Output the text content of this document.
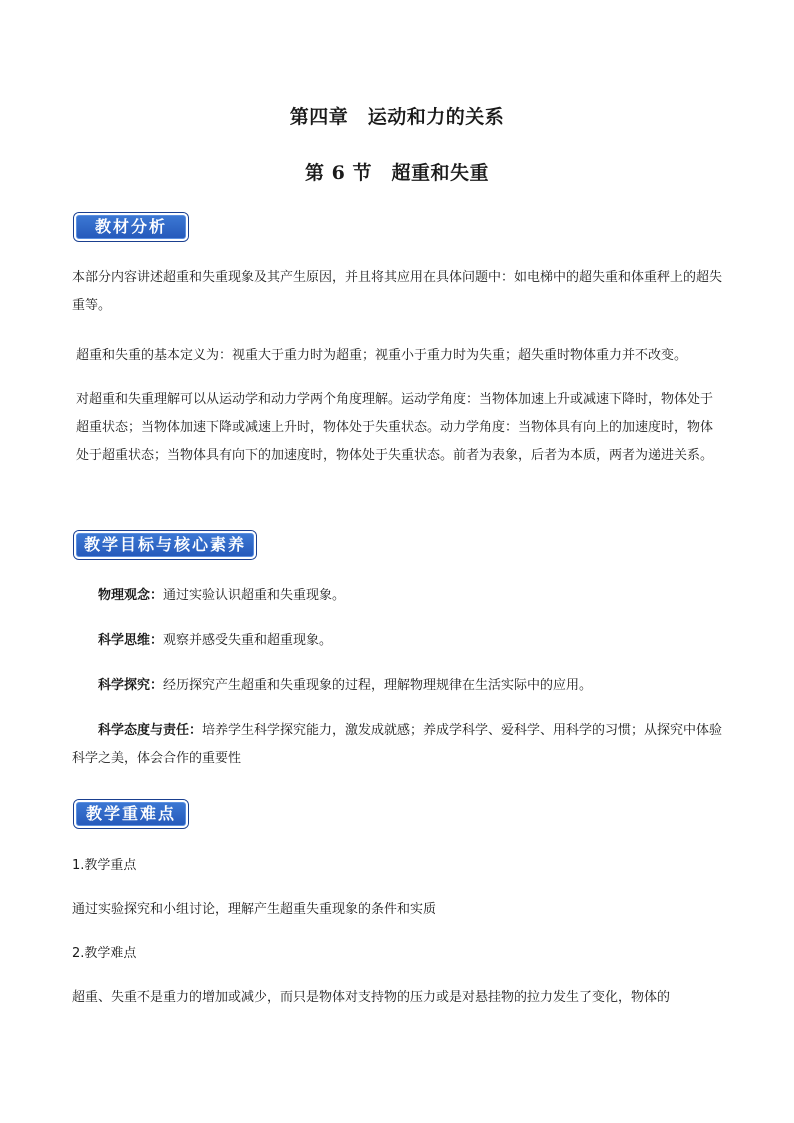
第四章　运动和力的关系
第 6 节　超重和失重
教材分析

本部分内容讲述超重和失重现象及其产生原因，并且将其应用在具体问题中：如电梯中的超失重和体重秤上的超失重等。

超重和失重的基本定义为：视重大于重力时为超重；视重小于重力时为失重；超失重时物体重力并不改变。

对超重和失重理解可以从运动学和动力学两个角度理解。运动学角度：当物体加速上升或减速下降时，物体处于超重状态；当物体加速下降或减速上升时，物体处于失重状态。动力学角度：当物体具有向上的加速度时，物体处于超重状态；当物体具有向下的加速度时，物体处于失重状态。前者为表象，后者为本质，两者为递进关系。

教学目标与核心素养

物理观念：通过实验认识超重和失重现象。

科学思维：观察并感受失重和超重现象。

科学探究：经历探究产生超重和失重现象的过程，理解物理规律在生活实际中的应用。

科学态度与责任：培养学生科学探究能力，激发成就感；养成学科学、爱科学、用科学的习惯；从探究中体验科学之美，体会合作的重要性

教学重难点

1.教学重点

通过实验探究和小组讨论，理解产生超重失重现象的条件和实质

2.教学难点

超重、失重不是重力的增加或减少，而只是物体对支持物的压力或是对悬挂物的拉力发生了变化，物体的
